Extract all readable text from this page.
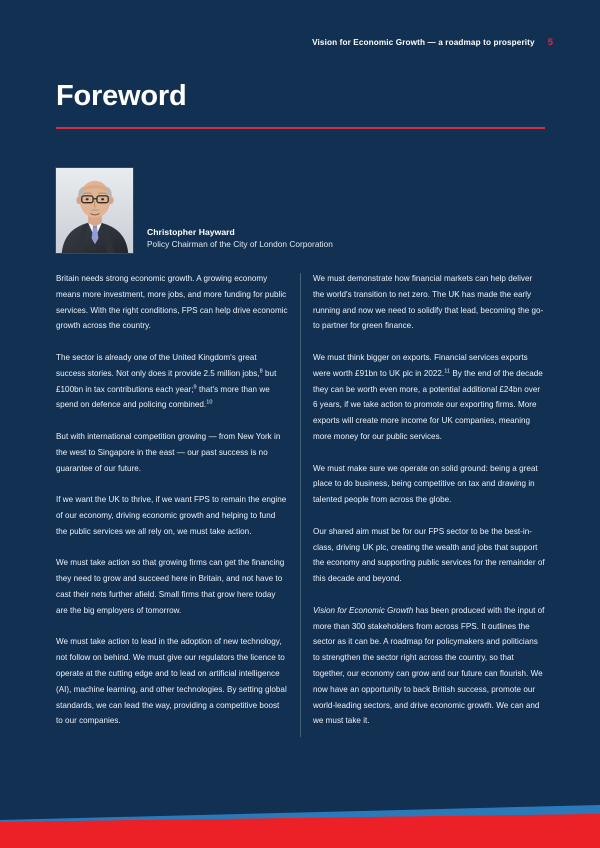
Vision for Economic Growth — a roadmap to prosperity 5
Foreword
Christopher Hayward
Policy Chairman of the City of London Corporation

Britain needs strong economic growth. A growing economy means more investment, more jobs, and more funding for public services. With the right conditions, FPS can help drive economic growth across the country.

The sector is already one of the United Kingdom's great success stories. Not only does it provide 2.5 million jobs,$^8$ but £100bn in tax contributions each year;$^9$ that's more than we spend on defence and policing combined.$^{10}$

But with international competition growing — from New York in the west to Singapore in the east — our past success is no guarantee of our future.

If we want the UK to thrive, if we want FPS to remain the engine of our economy, driving economic growth and helping to fund the public services we all rely on, we must take action.

We must take action so that growing firms can get the financing they need to grow and succeed here in Britain, and not have to cast their nets further afield. Small firms that grow here today are the big employers of tomorrow.

We must take action to lead in the adoption of new technology, not follow on behind. We must give our regulators the licence to operate at the cutting edge and to lead on artificial intelligence (AI), machine learning, and other technologies. By setting global standards, we can lead the way, providing a competitive boost to our companies.

We must demonstrate how financial markets can help deliver the world's transition to net zero. The UK has made the early running and now we need to solidify that lead, becoming the go-to partner for green finance.

We must think bigger on exports. Financial services exports were worth £91bn to UK plc in 2022.11 By the end of the decade they can be worth even more, a potential additional £24bn over 6 years, if we take action to promote our exporting firms. More exports will create more income for UK companies, meaning more money for our public services.

We must make sure we operate on solid ground: being a great place to do business, being competitive on tax and drawing in talented people from across the globe.

Our shared aim must be for our FPS sector to be the best-in-class, driving UK plc, creating the wealth and jobs that support the economy and supporting public services for the remainder of this decade and beyond.

Vision for Economic Growth has been produced with the input of more than 300 stakeholders from across FPS. It outlines the sector as it can be. A roadmap for policymakers and politicians to strengthen the sector right across the country, so that together, our economy can grow and our future can flourish. We now have an opportunity to back British success, promote our world-leading sectors, and drive economic growth. We can and we must take it.
